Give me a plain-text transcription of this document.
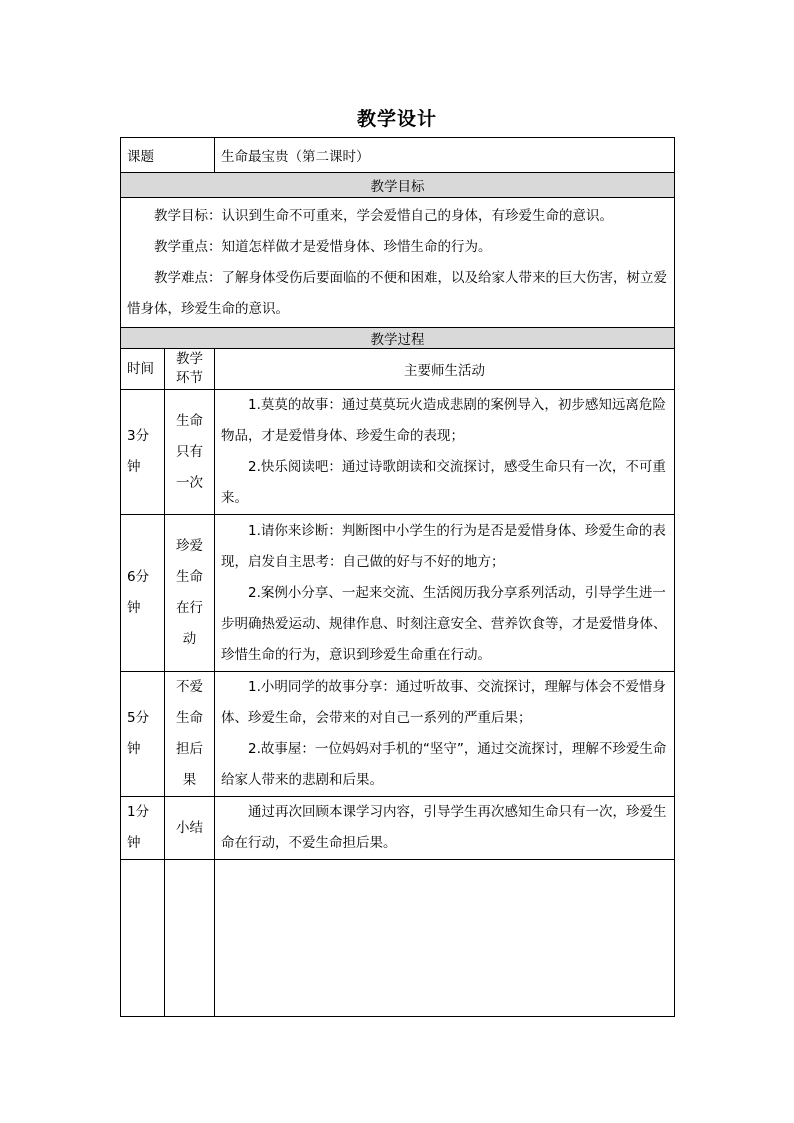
教学设计
课题		生命最宝贵（第二课时）
教学目标		

教学目标：认识到生命不可重来，学会爱惜自己的身体，有珍爱生命的意识。

教学重点：知道怎样做才是爱惜身体、珍惜生命的行为。

教学难点：了解身体受伤后要面临的不便和困难，以及给家人带来的巨大伤害，树立爱惜身体，珍爱生命的意识。		

教学过程		
时间	教学环节	主要师生活动
3分钟	生命只有一次	1.莫莫的故事：通过莫莫玩火造成悲剧的案例导入，初步感知远离危险物品，才是爱惜身体、珍爱生命的表现；

2.快乐阅读吧：通过诗歌朗读和交流探讨，感受生命只有一次，不可重来。

6分钟	珍爱生命在行动	1.请你来诊断：判断图中小学生的行为是否是爱惜身体、珍爱生命的表现，启发自主思考：自己做的好与不好的地方；

2.案例小分享、一起来交流、生活阅历我分享系列活动，引导学生进一步明确热爱运动、规律作息、时刻注意安全、营养饮食等，才是爱惜身体、珍惜生命的行为，意识到珍爱生命重在行动。

5分钟	不爱生命担后果	1.小明同学的故事分享：通过听故事、交流探讨，理解与体会不爱惜身体、珍爱生命，会带来的对自己一系列的严重后果；

2.故事屋：一位妈妈对手机的“坚守”，通过交流探讨，理解不珍爱生命给家人带来的悲剧和后果。

1分钟	小结	通过再次回顾本课学习内容，引导学生再次感知生命只有一次，珍爱生命在行动，不爱生命担后果。
